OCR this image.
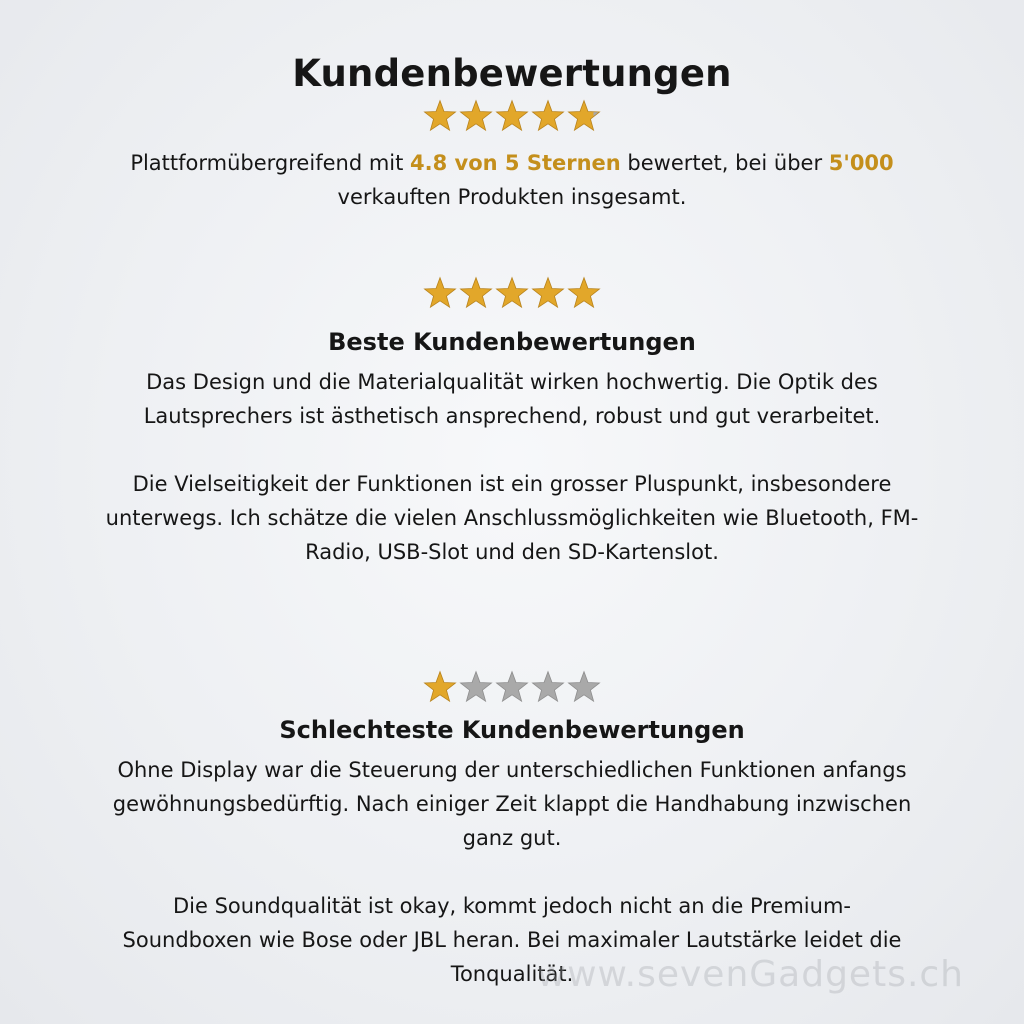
Kundenbewertungen

Plattformübergreifend mit 4.8 von 5 Sternen bewertet, bei über 5'000

verkauften Produkten insgesamt.

Beste Kundenbewertungen

Das Design und die Materialqualität wirken hochwertig. Die Optik des

Lautsprechers ist ästhetisch ansprechend, robust und gut verarbeitet.

Die Vielseitigkeit der Funktionen ist ein grosser Pluspunkt, insbesondere

unterwegs. Ich schätze die vielen Anschlussmöglichkeiten wie Bluetooth, FM-

Radio, USB-Slot und den SD-Kartenslot.

Schlechteste Kundenbewertungen

Ohne Display war die Steuerung der unterschiedlichen Funktionen anfangs

gewöhnungsbedürftig. Nach einiger Zeit klappt die Handhabung inzwischen

ganz gut.

Die Soundqualität ist okay, kommt jedoch nicht an die Premium-

Soundboxen wie Bose oder JBL heran. Bei maximaler Lautstärke leidet die

Tonqualität.

www.sevenGadgets.ch
